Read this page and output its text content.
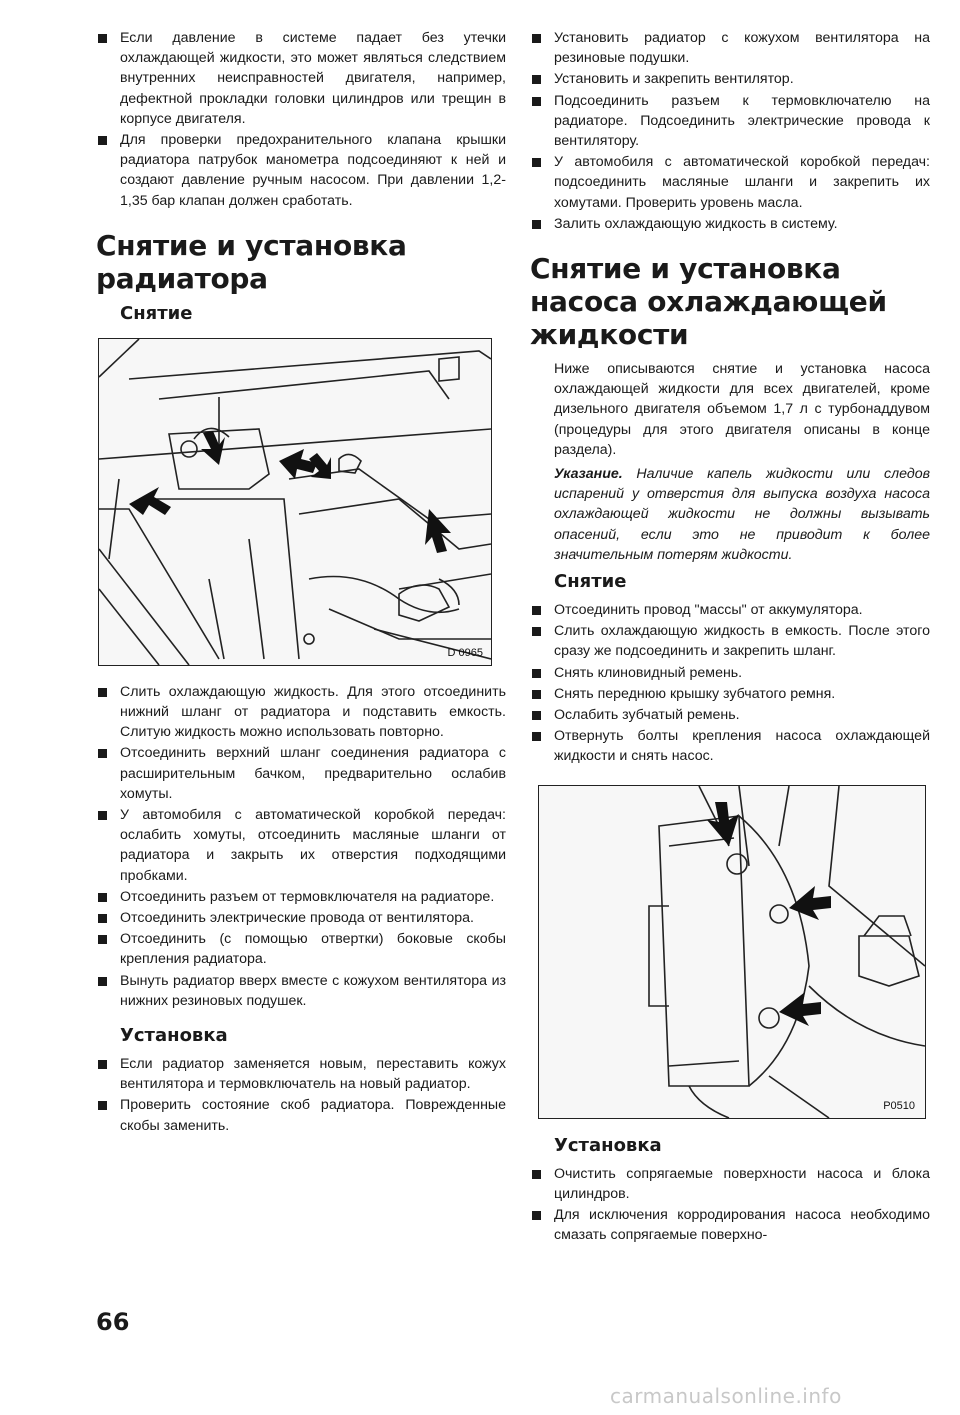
Если давление в системе падает без утечки охлаждающей жидкости, это может являться следствием внутренних неисправностей двигателя, например, дефектной прокладки головки цилиндров или трещин в корпусе двигателя.
Для проверки предохранительного клапана крышки радиатора патрубок манометра подсоединяют к ней и создают давление ручным насосом. При давлении 1,2-1,35 бар клапан должен сработать.
Снятие и установка радиатора
Снятие
D 0965
Слить охлаждающую жидкость. Для этого отсоединить нижний шланг от радиатора и подставить емкость. Слитую жидкость можно использовать повторно.
Отсоединить верхний шланг соединения радиатора с расширительным бачком, предварительно ослабив хомуты.
У автомобиля с автоматической коробкой передач: ослабить хомуты, отсоединить масляные шланги от радиатора и закрыть их отверстия подходящими пробками.
Отсоединить разъем от термовключателя на радиаторе.
Отсоединить электрические провода от вентилятора.
Отсоединить (с помощью отвертки) боковые скобы крепления радиатора.
Вынуть радиатор вверх вместе с кожухом вентилятора из нижних резиновых подушек.
Установка
Если радиатор заменяется новым, переставить кожух вентилятора и термовключатель на новый радиатор.
Проверить состояние скоб радиатора. Поврежденные скобы заменить.
Установить радиатор с кожухом вентилятора на резиновые подушки.
Установить и закрепить вентилятор.
Подсоединить разъем к термовключателю на радиаторе. Подсоединить электрические провода к вентилятору.
У автомобиля с автоматической коробкой передач: подсоединить масляные шланги и закрепить их хомутами. Проверить уровень масла.
Залить охлаждающую жидкость в систему.
Снятие и установка насоса охлаждающей жидкости
Ниже описываются снятие и установка насоса охлаждающей жидкости для всех двигателей, кроме дизельного двигателя объемом 1,7 л с турбонаддувом (процедуры для этого двигателя описаны в конце раздела).
Указание. Наличие капель жидкости или следов испарений у отверстия для выпуска воздуха насоса охлаждающей жидкости не должны вызывать опасений, если это не приводит к более значительным потерям жидкости.
Снятие
Отсоединить провод "массы" от аккумулятора.
Слить охлаждающую жидкость в емкость. После этого сразу же подсоединить и закрепить шланг.
Снять клиновидный ремень.
Снять переднюю крышку зубчатого ремня.
Ослабить зубчатый ремень.
Отвернуть болты крепления насоса охлаждающей жидкости и снять насос.
P0510
Установка
Очистить сопрягаемые поверхности насоса и блока цилиндров.
Для исключения корродирования насоса необходимо смазать сопрягаемые поверхно-
66
carmanualsonline.info
